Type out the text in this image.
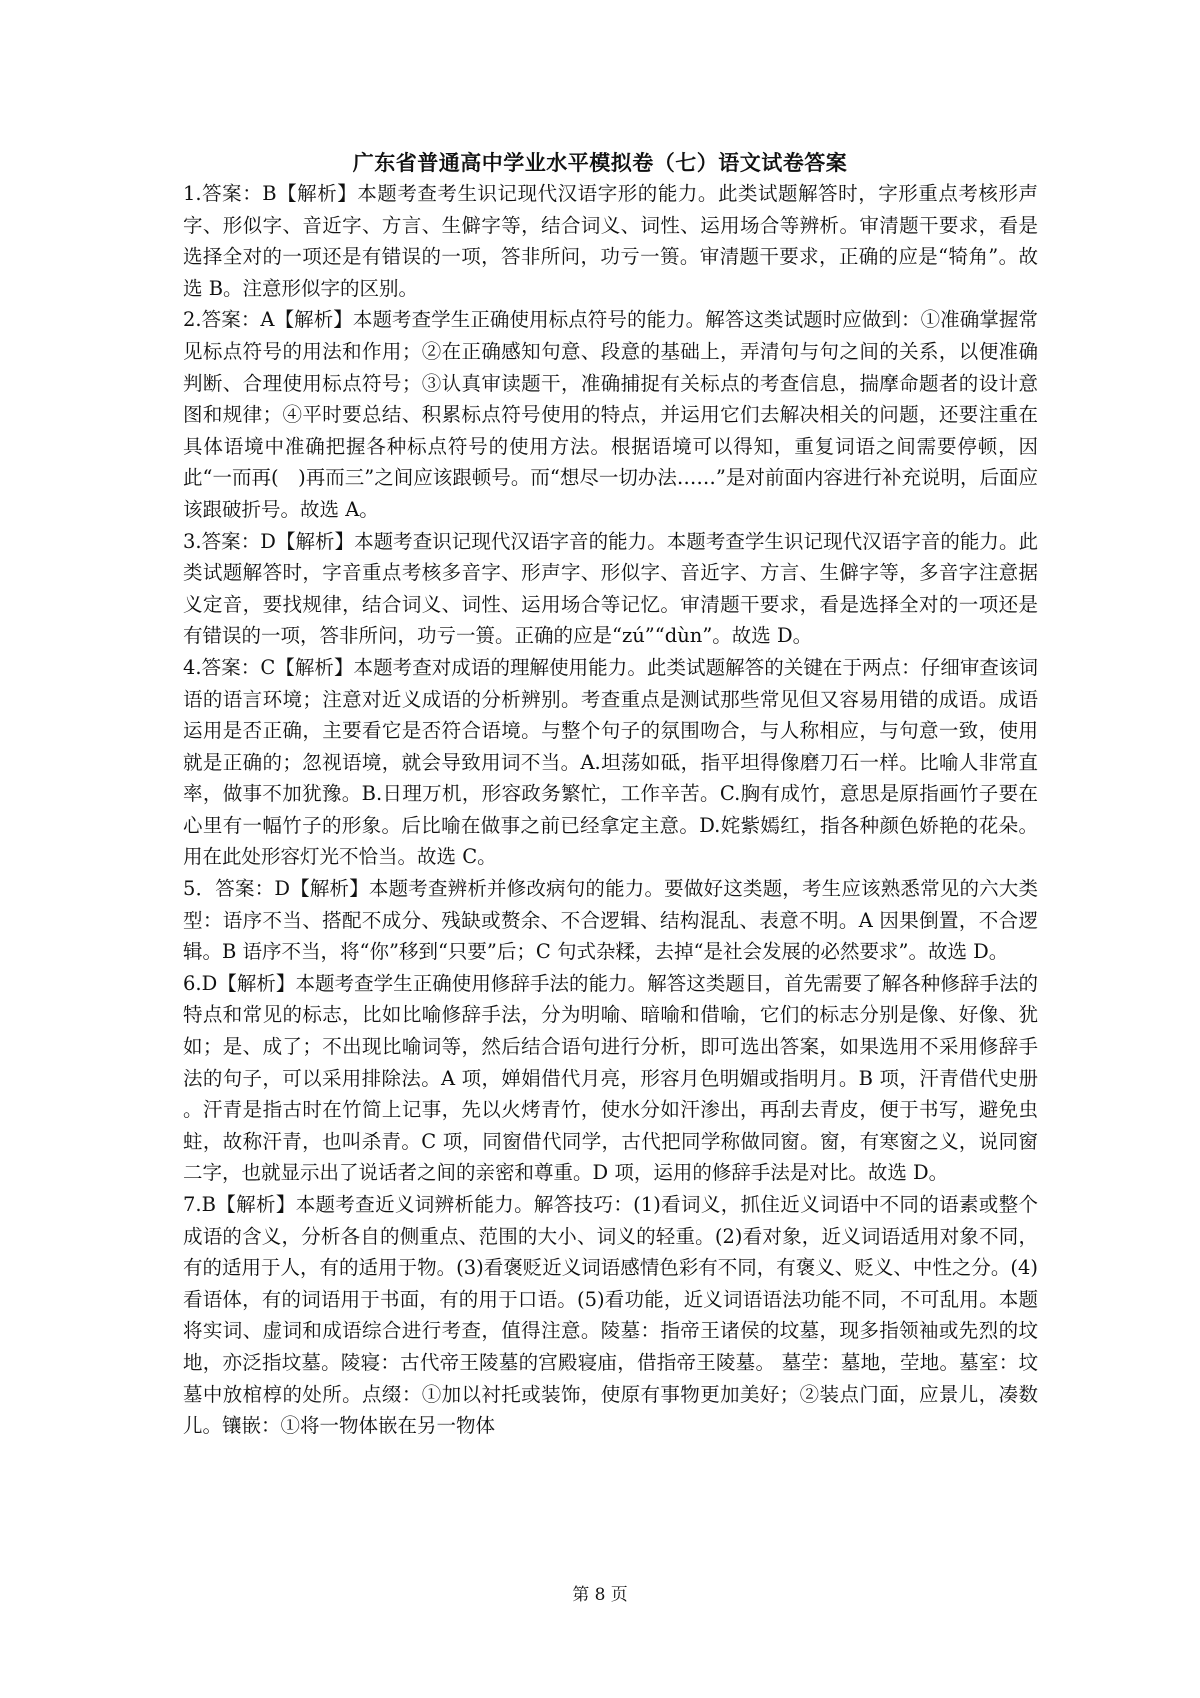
广东省普通高中学业水平模拟卷（七）语文试卷答案

1.答案：B【解析】本题考查考生识记现代汉语字形的能力。此类试题解答时，字形重点考核形声字、形似字、音近字、方言、生僻字等，结合词义、词性、运用场合等辨析。审清题干要求，看是选择全对的一项还是有错误的一项，答非所问，功亏一篑。审清题干要求，正确的应是“犄角”。故选 B。注意形似字的区别。

2.答案：A【解析】本题考查学生正确使用标点符号的能力。解答这类试题时应做到：①准确掌握常见标点符号的用法和作用；②在正确感知句意、段意的基础上，弄清句与句之间的关系，以便准确判断、合理使用标点符号；③认真审读题干，准确捕捉有关标点的考查信息，揣摩命题者的设计意图和规律；④平时要总结、积累标点符号使用的特点，并运用它们去解决相关的问题，还要注重在具体语境中准确把握各种标点符号的使用方法。根据语境可以得知，重复词语之间需要停顿，因此“一而再(　)再而三”之间应该跟顿号。而“想尽一切办法……”是对前面内容进行补充说明，后面应该跟破折号。故选 A。

3.答案：D【解析】本题考查识记现代汉语字音的能力。本题考查学生识记现代汉语字音的能力。此类试题解答时，字音重点考核多音字、形声字、形似字、音近字、方言、生僻字等，多音字注意据义定音，要找规律，结合词义、词性、运用场合等记忆。审清题干要求，看是选择全对的一项还是有错误的一项，答非所问，功亏一篑。正确的应是“zú”“dùn”。故选 D。

4.答案：C【解析】本题考查对成语的理解使用能力。此类试题解答的关键在于两点：仔细审查该词语的语言环境；注意对近义成语的分析辨别。考查重点是测试那些常见但又容易用错的成语。成语运用是否正确，主要看它是否符合语境。与整个句子的氛围吻合，与人称相应，与句意一致，使用就是正确的；忽视语境，就会导致用词不当。A.坦荡如砥，指平坦得像磨刀石一样。比喻人非常直率，做事不加犹豫。B.日理万机，形容政务繁忙，工作辛苦。C.胸有成竹，意思是原指画竹子要在心里有一幅竹子的形象。后比喻在做事之前已经拿定主意。D.姹紫嫣红，指各种颜色娇艳的花朵。用在此处形容灯光不恰当。故选 C。

5．答案：D【解析】本题考查辨析并修改病句的能力。要做好这类题，考生应该熟悉常见的六大类型：语序不当、搭配不成分、残缺或赘余、不合逻辑、结构混乱、表意不明。A 因果倒置，不合逻辑。B 语序不当，将“你”移到“只要”后；C 句式杂糅，去掉“是社会发展的必然要求”。故选 D。

6.D【解析】本题考查学生正确使用修辞手法的能力。解答这类题目，首先需要了解各种修辞手法的特点和常见的标志，比如比喻修辞手法，分为明喻、暗喻和借喻，它们的标志分别是像、好像、犹如；是、成了；不出现比喻词等，然后结合语句进行分析，即可选出答案，如果选用不采用修辞手法的句子，可以采用排除法。A 项，婵娟借代月亮，形容月色明媚或指明月。B 项，汗青借代史册 。汗青是指古时在竹简上记事，先以火烤青竹，使水分如汗渗出，再刮去青皮，便于书写，避免虫蛀，故称汗青，也叫杀青。C 项，同窗借代同学，古代把同学称做同窗。窗，有寒窗之义，说同窗二字，也就显示出了说话者之间的亲密和尊重。D 项，运用的修辞手法是对比。故选 D。

7.B【解析】本题考查近义词辨析能力。解答技巧：(1)看词义，抓住近义词语中不同的语素或整个成语的含义，分析各自的侧重点、范围的大小、词义的轻重。(2)看对象，近义词语适用对象不同，有的适用于人，有的适用于物。(3)看褒贬近义词语感情色彩有不同，有褒义、贬义、中性之分。(4)看语体，有的词语用于书面，有的用于口语。(5)看功能，近义词语语法功能不同，不可乱用。本题将实词、虚词和成语综合进行考查，值得注意。陵墓：指帝王诸侯的坟墓，现多指领袖或先烈的坟地，亦泛指坟墓。陵寝：古代帝王陵墓的宫殿寝庙，借指帝王陵墓。 墓茔：墓地，茔地。墓室：坟墓中放棺椁的处所。点缀：①加以衬托或装饰，使原有事物更加美好；②装点门面，应景儿，凑数儿。镶嵌：①将一物体嵌在另一物体

第 8 页
